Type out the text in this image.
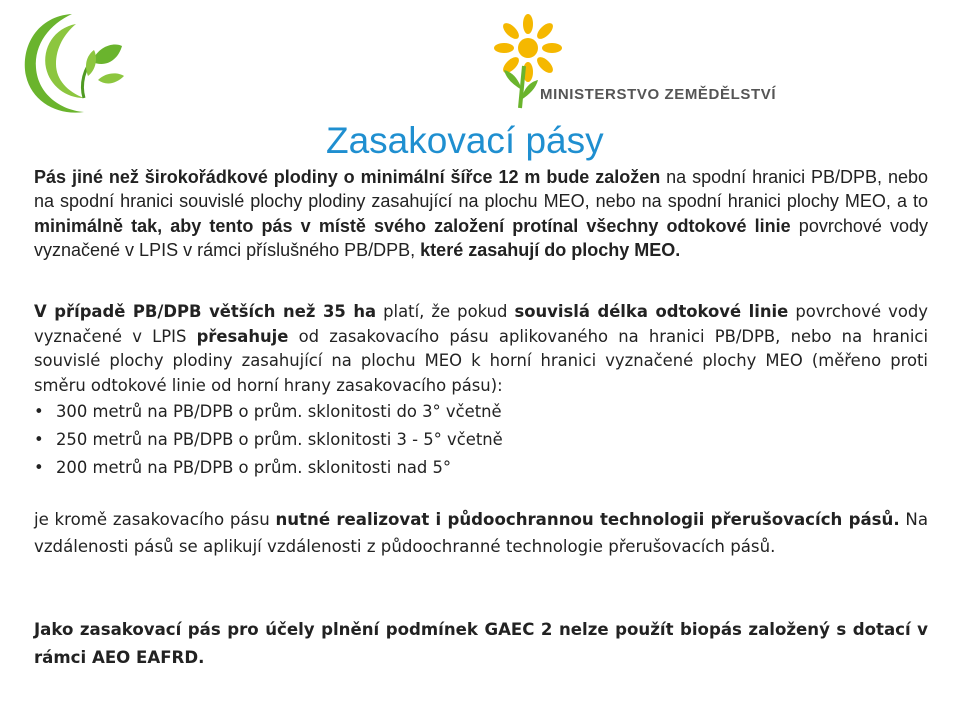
MINISTERSTVO ZEMĚDĚLSTVÍ
Zasakovací pásy
Pás jiné než širokořádkové plodiny o minimální šířce 12 m bude založen na spodní hranici PB/DPB, nebo na spodní hranici souvislé plochy plodiny zasahující na plochu MEO, nebo na spodní hranici plochy MEO, a to minimálně tak, aby tento pás v místě svého založení protínal všechny odtokové linie povrchové vody vyznačené v LPIS v rámci příslušného PB/DPB, které zasahují do plochy MEO.
V případě PB/DPB větších než 35 ha platí, že pokud souvislá délka odtokové linie povrchové vody vyznačené v LPIS přesahuje od zasakovacího pásu aplikovaného na hranici PB/DPB, nebo na hranici souvislé plochy plodiny zasahující na plochu MEO k horní hranici vyznačené plochy MEO (měřeno proti směru odtokové linie od horní hrany zasakovacího pásu):
• 300 metrů na PB/DPB o prům. sklonitosti do 3° včetně
• 250 metrů na PB/DPB o prům. sklonitosti 3 - 5° včetně
• 200 metrů na PB/DPB o prům. sklonitosti nad 5°
je kromě zasakovacího pásu nutné realizovat i půdoochrannou technologii přerušovacích pásů. Na vzdálenosti pásů se aplikují vzdálenosti z půdoochranné technologie přerušovacích pásů.
Jako zasakovací pás pro účely plnění podmínek GAEC 2 nelze použít biopás založený s dotací v rámci AEO EAFRD.
